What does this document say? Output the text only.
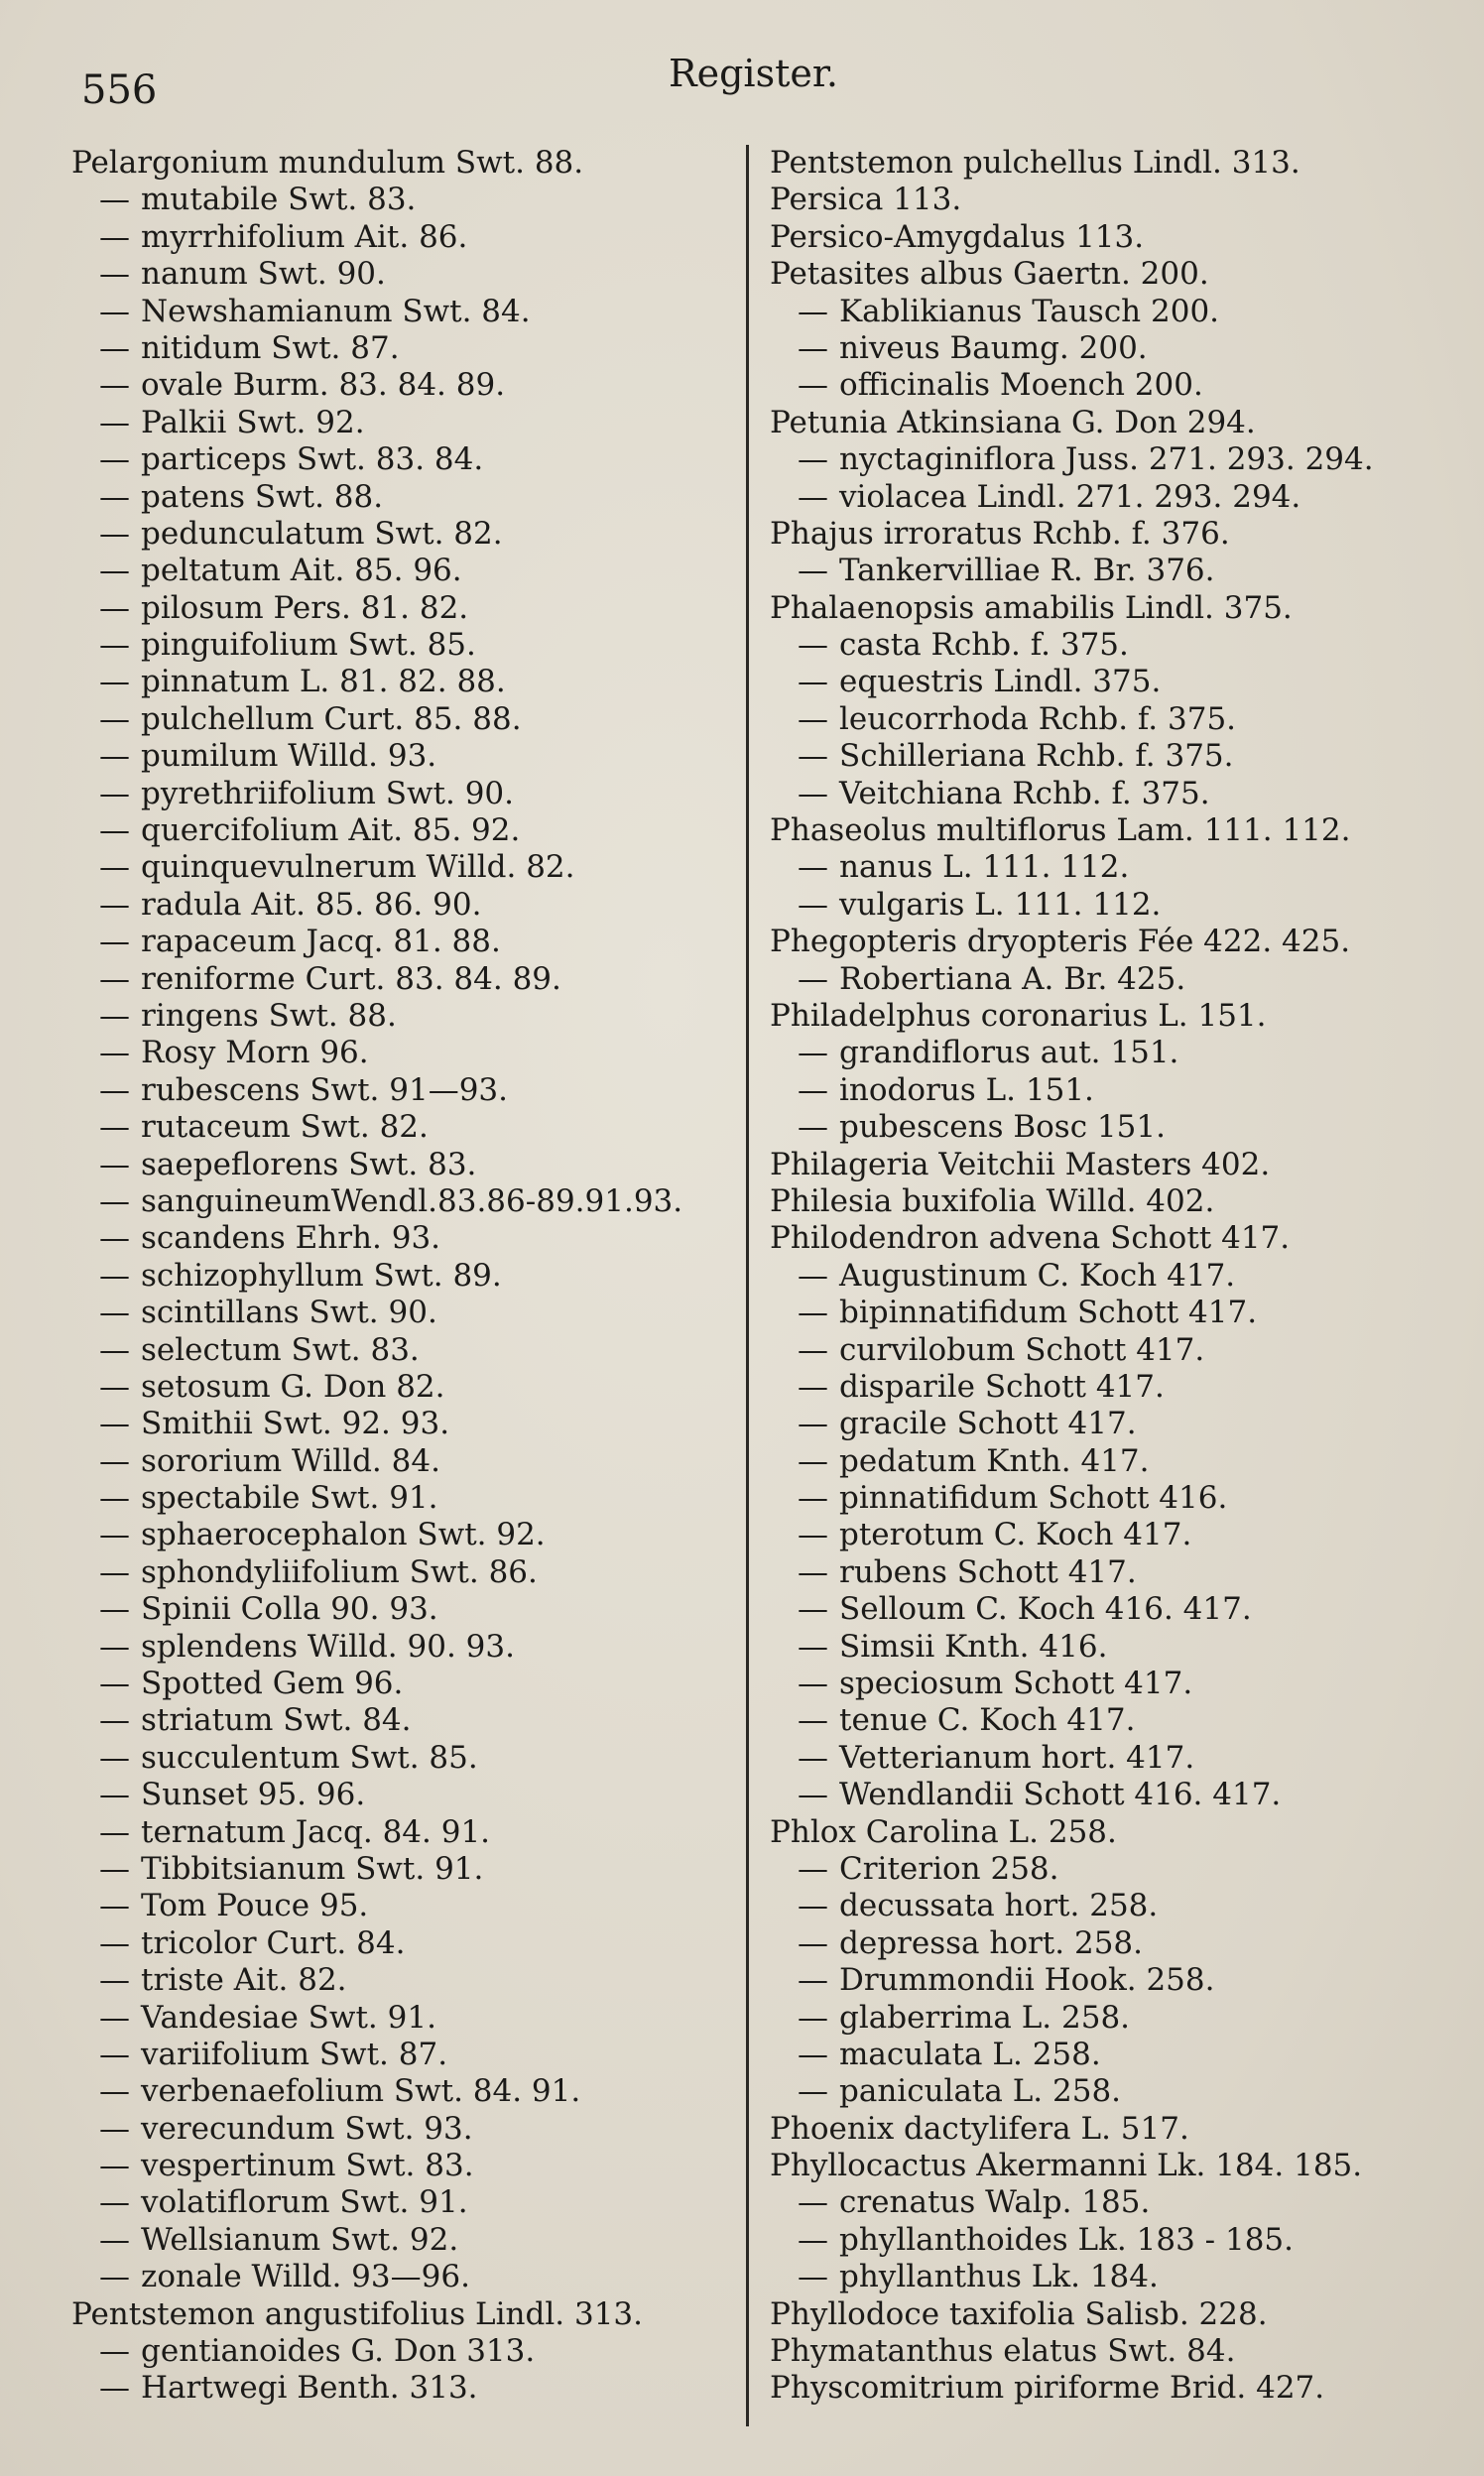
556	Register.
Pelargonium mundulum Swt. 88.
— mutabile Swt. 83.
— myrrhifolium Ait. 86.
— nanum Swt. 90.
— Newshamianum Swt. 84.
— nitidum Swt. 87.
— ovale Burm. 83. 84. 89.
— Palkii Swt. 92.
— particeps Swt. 83. 84.
— patens Swt. 88.
— pedunculatum Swt. 82.
— peltatum Ait. 85. 96.
— pilosum Pers. 81. 82.
— pinguifolium Swt. 85.
— pinnatum L. 81. 82. 88.
— pulchellum Curt. 85. 88.
— pumilum Willd. 93.
— pyrethriifolium Swt. 90.
— quercifolium Ait. 85. 92.
— quinquevulnerum Willd. 82.
— radula Ait. 85. 86. 90.
— rapaceum Jacq. 81. 88.
— reniforme Curt. 83. 84. 89.
— ringens Swt. 88.
— Rosy Morn 96.
— rubescens Swt. 91—93.
— rutaceum Swt. 82.
— saepeflorens Swt. 83.
— sanguineumWendl.83.86-89.91.93.
— scandens Ehrh. 93.
— schizophyllum Swt. 89.
— scintillans Swt. 90.
— selectum Swt. 83.
— setosum G. Don 82.
— Smithii Swt. 92. 93.
— sororium Willd. 84.
— spectabile Swt. 91.
— sphaerocephalon Swt. 92.
— sphondyliifolium Swt. 86.
— Spinii Colla 90. 93.
— splendens Willd. 90. 93.
— Spotted Gem 96.
— striatum Swt. 84.
— succulentum Swt. 85.
— Sunset 95. 96.
— ternatum Jacq. 84. 91.
— Tibbitsianum Swt. 91.
— Tom Pouce 95.
— tricolor Curt. 84.
— triste Ait. 82.
— Vandesiae Swt. 91.
— variifolium Swt. 87.
— verbenaefolium Swt. 84. 91.
— verecundum Swt. 93.
— vespertinum Swt. 83.
— volatiflorum Swt. 91.
— Wellsianum Swt. 92.
— zonale Willd. 93—96.
Pentstemon angustifolius Lindl. 313.
— gentianoides G. Don 313.
— Hartwegi Benth. 313.
Pentstemon pulchellus Lindl. 313.
Persica 113.
Persico-Amygdalus 113.
Petasites albus Gaertn. 200.
— Kablikianus Tausch 200.
— niveus Baumg. 200.
— officinalis Moench 200.
Petunia Atkinsiana G. Don 294.
— nyctaginiflora Juss. 271. 293. 294.
— violacea Lindl. 271. 293. 294.
Phajus irroratus Rchb. f. 376.
— Tankervilliae R. Br. 376.
Phalaenopsis amabilis Lindl. 375.
— casta Rchb. f. 375.
— equestris Lindl. 375.
— leucorrhoda Rchb. f. 375.
— Schilleriana Rchb. f. 375.
— Veitchiana Rchb. f. 375.
Phaseolus multiflorus Lam. 111. 112.
— nanus L. 111. 112.
— vulgaris L. 111. 112.
Phegopteris dryopteris Fée 422. 425.
— Robertiana A. Br. 425.
Philadelphus coronarius L. 151.
— grandiflorus aut. 151.
— inodorus L. 151.
— pubescens Bosc 151.
Philageria Veitchii Masters 402.
Philesia buxifolia Willd. 402.
Philodendron advena Schott 417.
— Augustinum C. Koch 417.
— bipinnatifidum Schott 417.
— curvilobum Schott 417.
— disparile Schott 417.
— gracile Schott 417.
— pedatum Knth. 417.
— pinnatifidum Schott 416.
— pterotum C. Koch 417.
— rubens Schott 417.
— Selloum C. Koch 416. 417.
— Simsii Knth. 416.
— speciosum Schott 417.
— tenue C. Koch 417.
— Vetterianum hort. 417.
— Wendlandii Schott 416. 417.
Phlox Carolina L. 258.
— Criterion 258.
— decussata hort. 258.
— depressa hort. 258.
— Drummondii Hook. 258.
— glaberrima L. 258.
— maculata L. 258.
— paniculata L. 258.
Phoenix dactylifera L. 517.
Phyllocactus Akermanni Lk. 184. 185.
— crenatus Walp. 185.
— phyllanthoides Lk. 183 - 185.
— phyllanthus Lk. 184.
Phyllodoce taxifolia Salisb. 228.
Phymatanthus elatus Swt. 84.
Physcomitrium piriforme Brid. 427.
